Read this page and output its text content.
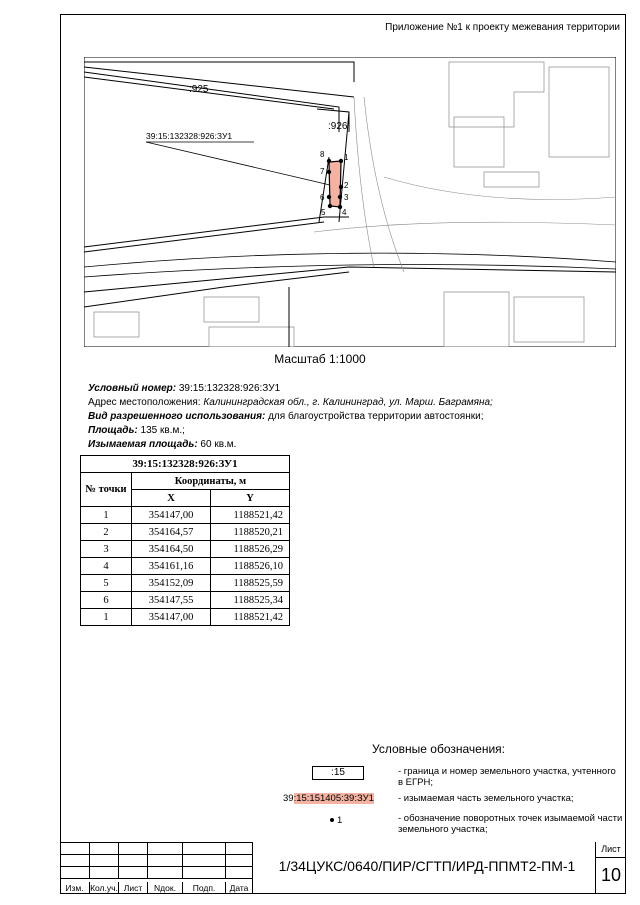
Приложение №1 к проекту межевания территории
1
2
3
4
5
6
7
8
:925
:926
39:15:132328:926:ЗУ1
Масштаб 1:1000
Условный номер: 39:15:132328:926:ЗУ1
Адрес местоположения: Калининградская обл., г. Калининград, ул. Марш. Баграмяна;
Вид разрешенного использования: для благоустройства территории автостоянки;
Площадь: 135 кв.м.;
Изымаемая площадь: 60 кв.м.
39:15:132328:926:ЗУ1		
№ точки	Координаты, м	
	X	Y
1	354147,00	1188521,42
2	354164,57	1188520,21
3	354164,50	1188526,29
4	354161,16	1188526,10
5	354152,09	1188525,59
6	354147,55	1188525,34
1	354147,00	1188521,42
Условные обозначения:
:15	- граница и номер земельного участка, учтенного в ЕГРН;
39:15:151405:39:ЗУ1	- изымаемая часть земельного участка;
1	- обозначение поворотных точек изымаемой части земельного участка;

Изм. Кол.уч. Лист	Nдок.	Подп.	Дата
1/34ЦУКС/0640/ПИР/СГТП/ИРД-ППМТ2-ПМ-1
Лист
10
